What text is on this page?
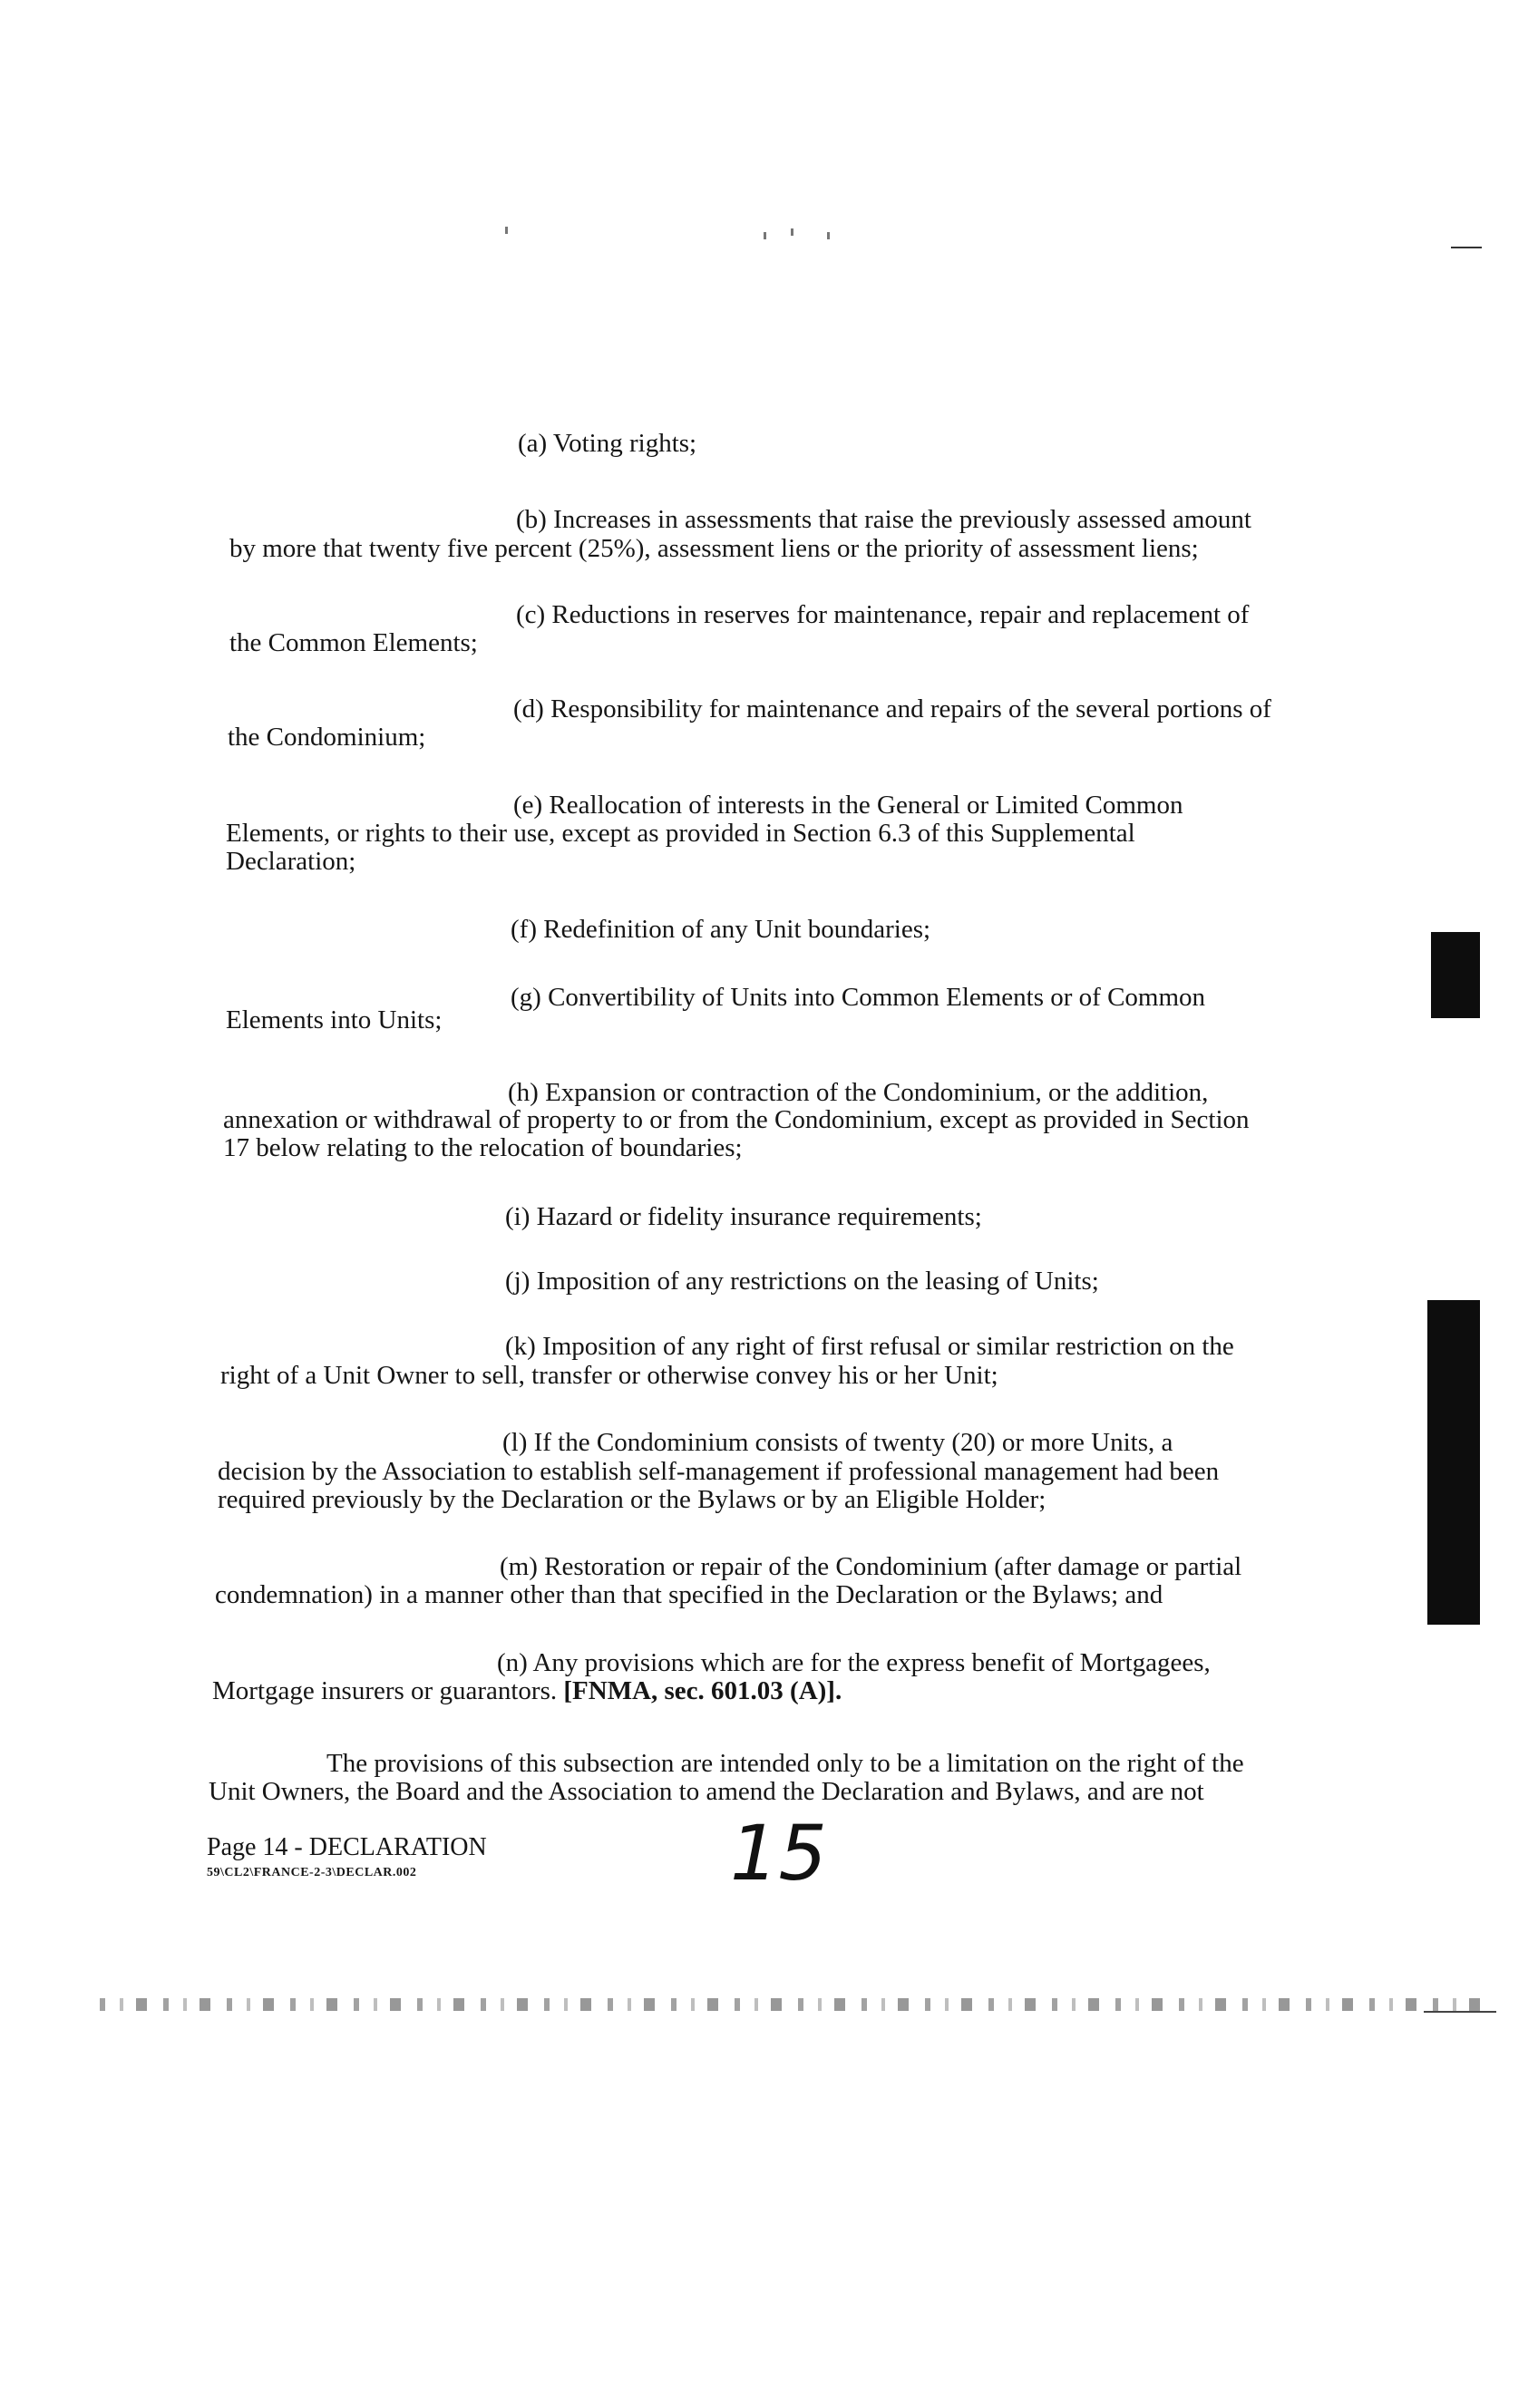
(a) Voting rights;
(b) Increases in assessments that raise the previously assessed amount
by more that twenty five percent (25%), assessment liens or the priority of assessment liens;
(c) Reductions in reserves for maintenance, repair and replacement of
the Common Elements;
(d) Responsibility for maintenance and repairs of the several portions of
the Condominium;
(e) Reallocation of interests in the General or Limited Common
Elements, or rights to their use, except as provided in Section 6.3 of this Supplemental
Declaration;
(f) Redefinition of any Unit boundaries;
(g) Convertibility of Units into Common Elements or of Common
Elements into Units;
(h) Expansion or contraction of the Condominium, or the addition,
annexation or withdrawal of property to or from the Condominium, except as provided in Section
17 below relating to the relocation of boundaries;
(i) Hazard or fidelity insurance requirements;
(j) Imposition of any restrictions on the leasing of Units;
(k) Imposition of any right of first refusal or similar restriction on the
right of a Unit Owner to sell, transfer or otherwise convey his or her Unit;
(l) If the Condominium consists of twenty (20) or more Units, a
decision by the Association to establish self-management if professional management had been
required previously by the Declaration or the Bylaws or by an Eligible Holder;
(m) Restoration or repair of the Condominium (after damage or partial
condemnation) in a manner other than that specified in the Declaration or the Bylaws; and
(n) Any provisions which are for the express benefit of Mortgagees,
Mortgage insurers or guarantors. [FNMA, sec. 601.03 (A)].
The provisions of this subsection are intended only to be a limitation on the right of the
Unit Owners, the Board and the Association to amend the Declaration and Bylaws, and are not
Page 14 - DECLARATION
59\CL2\FRANCE-2-3\DECLAR.002	15
